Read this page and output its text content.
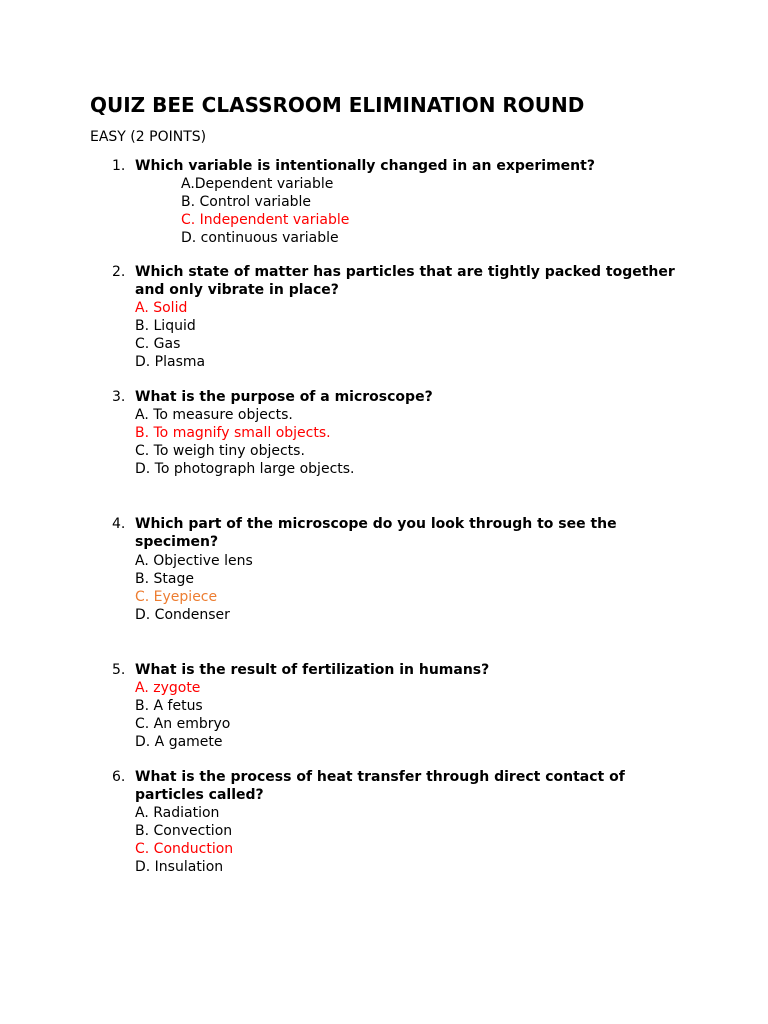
QUIZ BEE CLASSROOM ELIMINATION ROUND
EASY (2 POINTS)
1. Which variable is intentionally changed in an experiment?
A.Dependent variable
B. Control variable
C. Independent variable
D. continuous variable
2. Which state of matter has particles that are tightly packed together
and only vibrate in place?
A. Solid
B. Liquid
C. Gas
D. Plasma
3. What is the purpose of a microscope?
A. To measure objects.
B. To magnify small objects.
C. To weigh tiny objects.
D. To photograph large objects.
4. Which part of the microscope do you look through to see the
specimen?
A. Objective lens
B. Stage
C. Eyepiece
D. Condenser
5. What is the result of fertilization in humans?
A. zygote
B. A fetus
C. An embryo
D. A gamete
6. What is the process of heat transfer through direct contact of
particles called?
A. Radiation
B. Convection
C. Conduction
D. Insulation
